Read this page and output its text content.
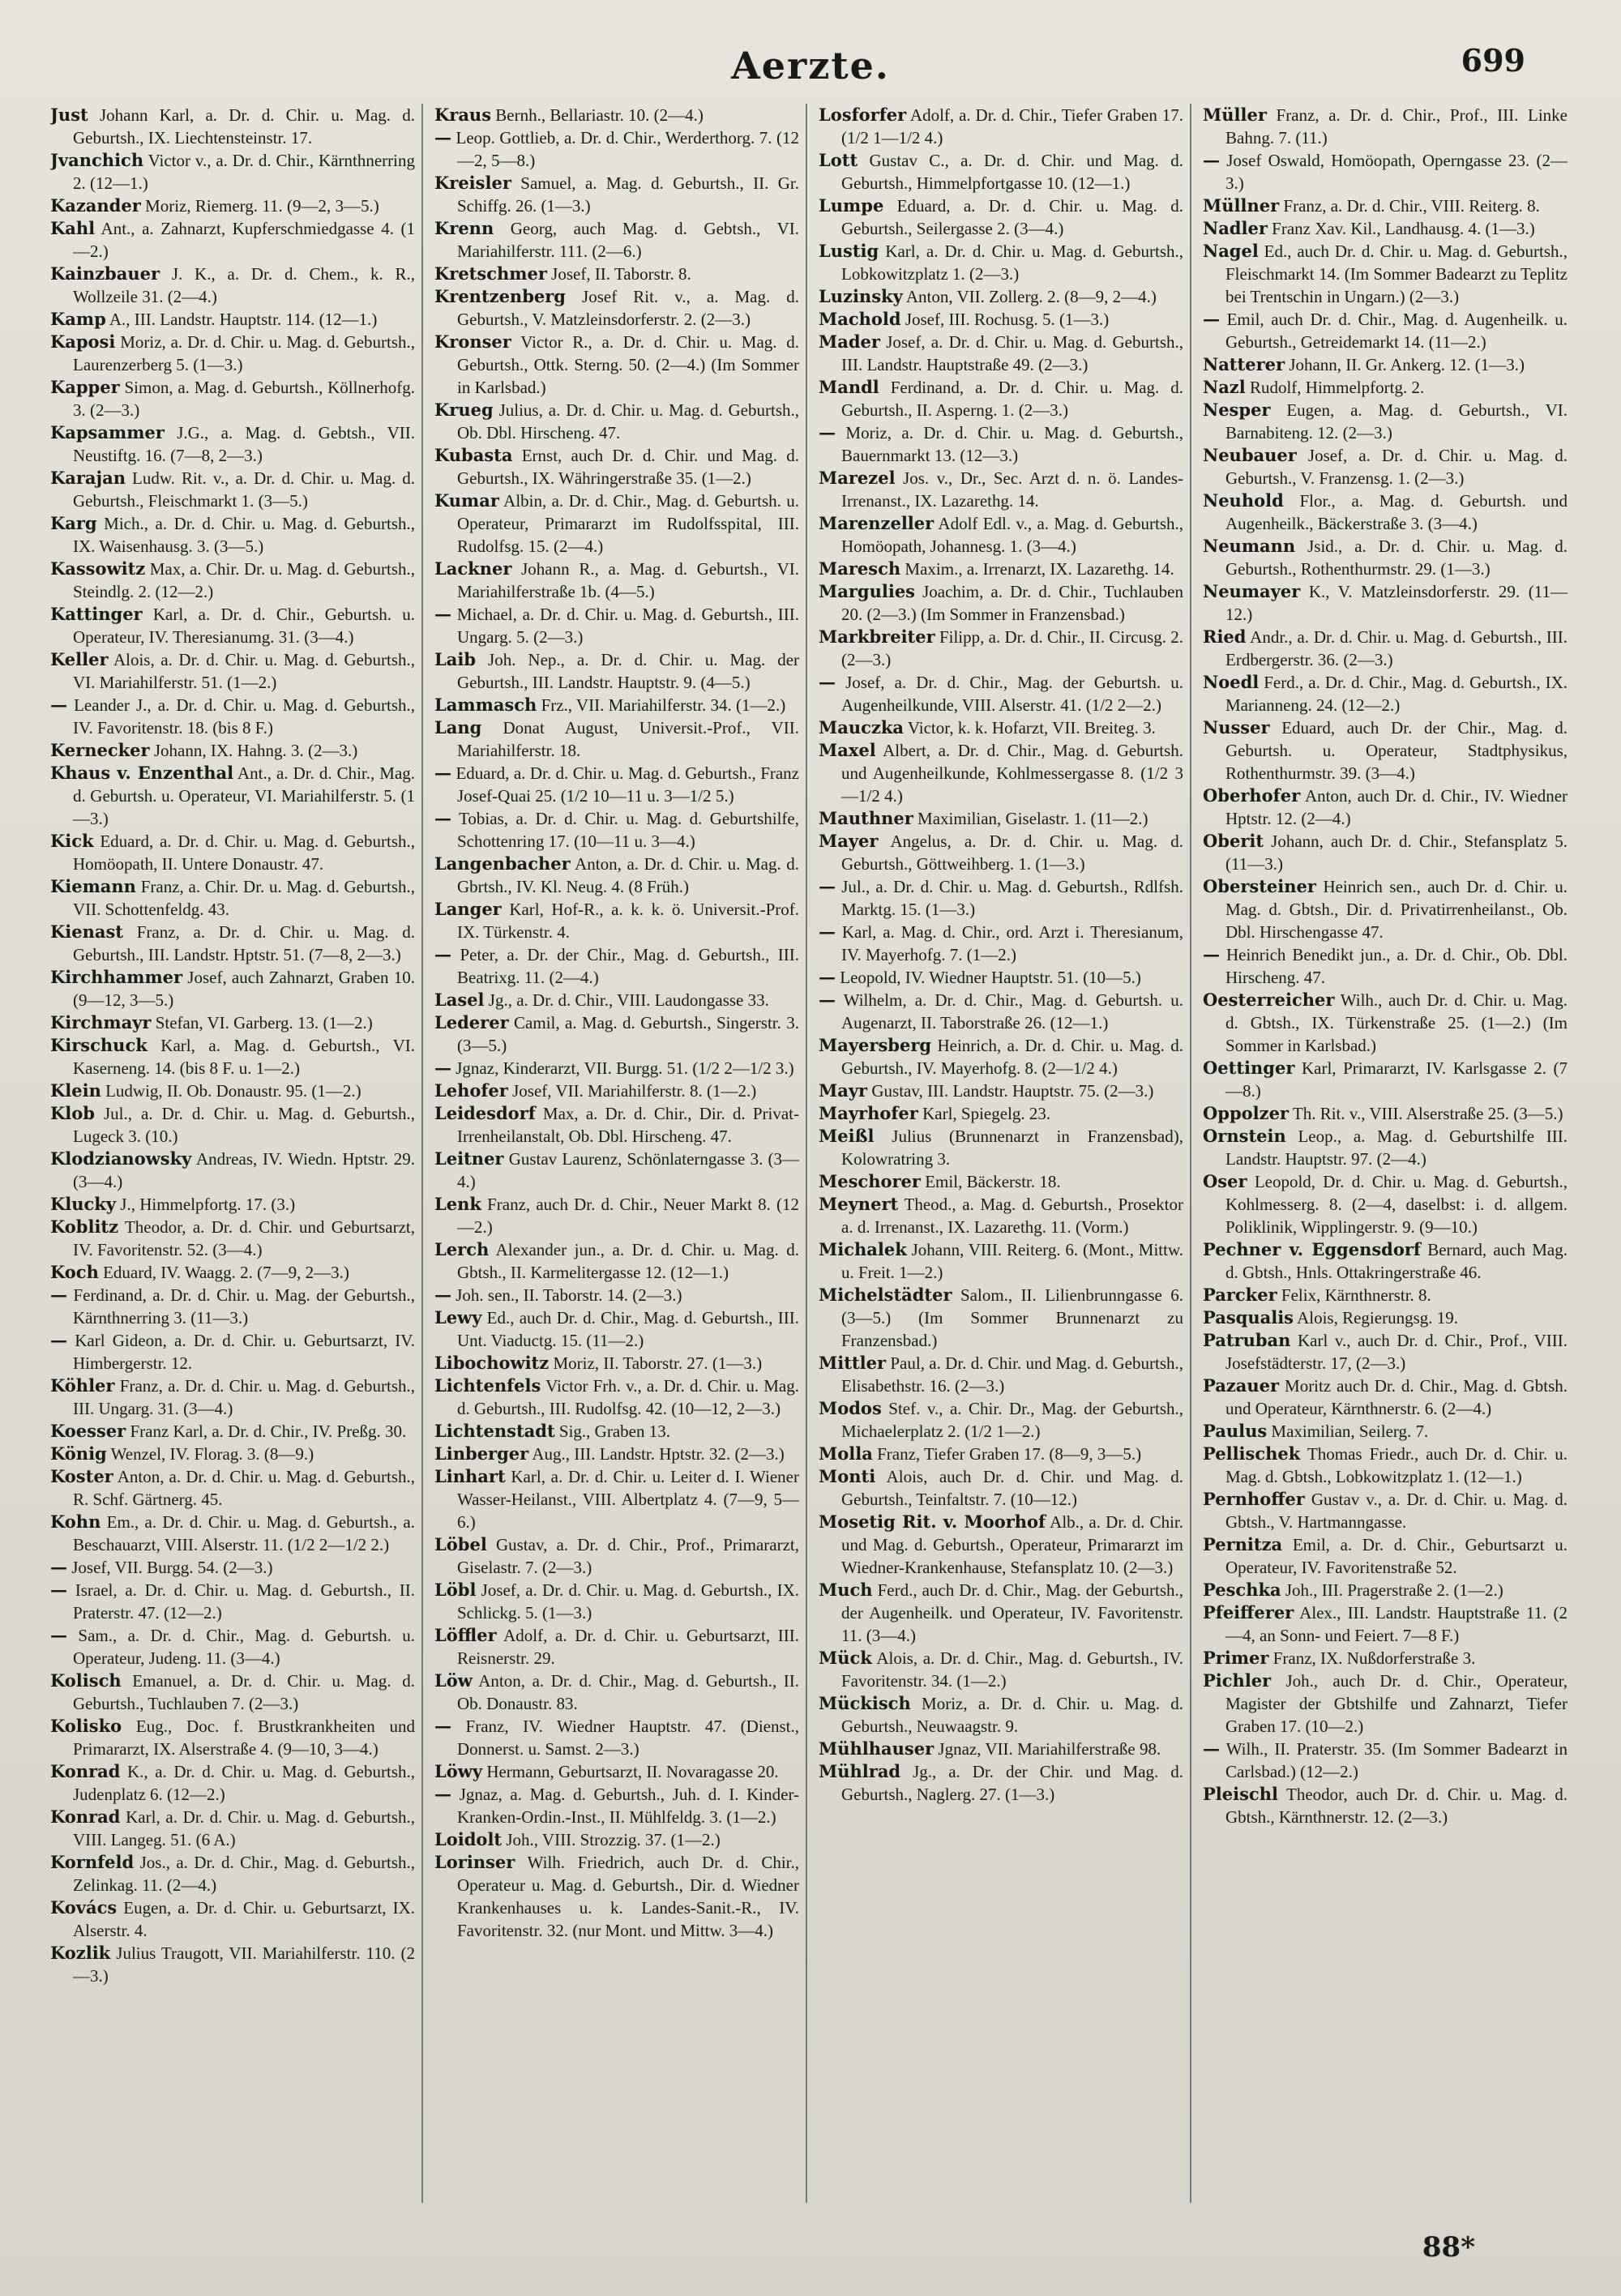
Aerzte.	699

Just Johann Karl, a. Dr. d. Chir. u. Mag. d. Geburtsh., IX. Liechtensteinstr. 17.

Jvanchich Victor v., a. Dr. d. Chir., Kärnthnerring 2. (12—1.)

Kazander Moriz, Riemerg. 11. (9—2, 3—5.)

Kahl Ant., a. Zahnarzt, Kupferschmiedgasse 4. (1—2.)

Kainzbauer J. K., a. Dr. d. Chem., k. R., Wollzeile 31. (2—4.)

Kamp A., III. Landstr. Hauptstr. 114. (12—1.)

Kaposi Moriz, a. Dr. d. Chir. u. Mag. d. Geburtsh., Laurenzerberg 5. (1—3.)

Kapper Simon, a. Mag. d. Geburtsh., Köllnerhofg. 3. (2—3.)

Kapsammer J.G., a. Mag. d. Gebtsh., VII. Neustiftg. 16. (7—8, 2—3.)

Karajan Ludw. Rit. v., a. Dr. d. Chir. u. Mag. d. Geburtsh., Fleischmarkt 1. (3—5.)

Karg Mich., a. Dr. d. Chir. u. Mag. d. Geburtsh., IX. Waisenhausg. 3. (3—5.)

Kassowitz Max, a. Chir. Dr. u. Mag. d. Geburtsh., Steindlg. 2. (12—2.)

Kattinger Karl, a. Dr. d. Chir., Geburtsh. u. Operateur, IV. Theresianumg. 31. (3—4.)

Keller Alois, a. Dr. d. Chir. u. Mag. d. Geburtsh., VI. Mariahilferstr. 51. (1—2.)

— Leander J., a. Dr. d. Chir. u. Mag. d. Geburtsh., IV. Favoritenstr. 18. (bis 8 F.)

Kernecker Johann, IX. Hahng. 3. (2—3.)

Khaus v. Enzenthal Ant., a. Dr. d. Chir., Mag. d. Geburtsh. u. Operateur, VI. Mariahilferstr. 5. (1—3.)

Kick Eduard, a. Dr. d. Chir. u. Mag. d. Geburtsh., Homöopath, II. Untere Donaustr. 47.

Kiemann Franz, a. Chir. Dr. u. Mag. d. Geburtsh., VII. Schottenfeldg. 43.

Kienast Franz, a. Dr. d. Chir. u. Mag. d. Geburtsh., III. Landstr. Hptstr. 51. (7—8, 2—3.)

Kirchhammer Josef, auch Zahnarzt, Graben 10. (9—12, 3—5.)

Kirchmayr Stefan, VI. Garberg. 13. (1—2.)

Kirschuck Karl, a. Mag. d. Geburtsh., VI. Kaserneng. 14. (bis 8 F. u. 1—2.)

Klein Ludwig, II. Ob. Donaustr. 95. (1—2.)

Klob Jul., a. Dr. d. Chir. u. Mag. d. Geburtsh., Lugeck 3. (10.)

Klodzianowsky Andreas, IV. Wiedn. Hptstr. 29. (3—4.)

Klucky J., Himmelpfortg. 17. (3.)

Koblitz Theodor, a. Dr. d. Chir. und Geburtsarzt, IV. Favoritenstr. 52. (3—4.)

Koch Eduard, IV. Waagg. 2. (7—9, 2—3.)

— Ferdinand, a. Dr. d. Chir. u. Mag. der Geburtsh., Kärnthnerring 3. (11—3.)

— Karl Gideon, a. Dr. d. Chir. u. Geburtsarzt, IV. Himbergerstr. 12.

Köhler Franz, a. Dr. d. Chir. u. Mag. d. Geburtsh., III. Ungarg. 31. (3—4.)

Koesser Franz Karl, a. Dr. d. Chir., IV. Preßg. 30.

König Wenzel, IV. Florag. 3. (8—9.)

Koster Anton, a. Dr. d. Chir. u. Mag. d. Geburtsh., R. Schf. Gärtnerg. 45.

Kohn Em., a. Dr. d. Chir. u. Mag. d. Geburtsh., a. Beschauarzt, VIII. Alserstr. 11. (1/2 2—1/2 2.)

— Josef, VII. Burgg. 54. (2—3.)

— Israel, a. Dr. d. Chir. u. Mag. d. Geburtsh., II. Praterstr. 47. (12—2.)

— Sam., a. Dr. d. Chir., Mag. d. Geburtsh. u. Operateur, Judeng. 11. (3—4.)

Kolisch Emanuel, a. Dr. d. Chir. u. Mag. d. Geburtsh., Tuchlauben 7. (2—3.)

Kolisko Eug., Doc. f. Brustkrankheiten und Primararzt, IX. Alserstraße 4. (9—10, 3—4.)

Konrad K., a. Dr. d. Chir. u. Mag. d. Geburtsh., Judenplatz 6. (12—2.)

Konrad Karl, a. Dr. d. Chir. u. Mag. d. Geburtsh., VIII. Langeg. 51. (6 A.)

Kornfeld Jos., a. Dr. d. Chir., Mag. d. Geburtsh., Zelinkag. 11. (2—4.)

Kovács Eugen, a. Dr. d. Chir. u. Geburtsarzt, IX. Alserstr. 4.

Kozlik Julius Traugott, VII. Mariahilferstr. 110. (2—3.)

Kraus Bernh., Bellariastr. 10. (2—4.)

— Leop. Gottlieb, a. Dr. d. Chir., Werderthorg. 7. (12—2, 5—8.)

Kreisler Samuel, a. Mag. d. Geburtsh., II. Gr. Schiffg. 26. (1—3.)

Krenn Georg, auch Mag. d. Gebtsh., VI. Mariahilferstr. 111. (2—6.)

Kretschmer Josef, II. Taborstr. 8.

Krentzenberg Josef Rit. v., a. Mag. d. Geburtsh., V. Matzleinsdorferstr. 2. (2—3.)

Kronser Victor R., a. Dr. d. Chir. u. Mag. d. Geburtsh., Ottk. Sterng. 50. (2—4.) (Im Sommer in Karlsbad.)

Krueg Julius, a. Dr. d. Chir. u. Mag. d. Geburtsh., Ob. Dbl. Hirscheng. 47.

Kubasta Ernst, auch Dr. d. Chir. und Mag. d. Geburtsh., IX. Währingerstraße 35. (1—2.)

Kumar Albin, a. Dr. d. Chir., Mag. d. Geburtsh. u. Operateur, Primararzt im Rudolfsspital, III. Rudolfsg. 15. (2—4.)

Lackner Johann R., a. Mag. d. Geburtsh., VI. Mariahilferstraße 1b. (4—5.)

— Michael, a. Dr. d. Chir. u. Mag. d. Geburtsh., III. Ungarg. 5. (2—3.)

Laib Joh. Nep., a. Dr. d. Chir. u. Mag. der Geburtsh., III. Landstr. Hauptstr. 9. (4—5.)

Lammasch Frz., VII. Mariahilferstr. 34. (1—2.)

Lang Donat August, Universit.-Prof., VII. Mariahilferstr. 18.

— Eduard, a. Dr. d. Chir. u. Mag. d. Geburtsh., Franz Josef-Quai 25. (1/2 10—11 u. 3—1/2 5.)

— Tobias, a. Dr. d. Chir. u. Mag. d. Geburtshilfe, Schottenring 17. (10—11 u. 3—4.)

Langenbacher Anton, a. Dr. d. Chir. u. Mag. d. Gbrtsh., IV. Kl. Neug. 4. (8 Früh.)

Langer Karl, Hof-R., a. k. k. ö. Universit.-Prof. IX. Türkenstr. 4.

— Peter, a. Dr. der Chir., Mag. d. Geburtsh., III. Beatrixg. 11. (2—4.)

Lasel Jg., a. Dr. d. Chir., VIII. Laudongasse 33.

Lederer Camil, a. Mag. d. Geburtsh., Singerstr. 3. (3—5.)

— Jgnaz, Kinderarzt, VII. Burgg. 51. (1/2 2—1/2 3.)

Lehofer Josef, VII. Mariahilferstr. 8. (1—2.)

Leidesdorf Max, a. Dr. d. Chir., Dir. d. Privat-Irrenheilanstalt, Ob. Dbl. Hirscheng. 47.

Leitner Gustav Laurenz, Schönlaterngasse 3. (3—4.)

Lenk Franz, auch Dr. d. Chir., Neuer Markt 8. (12—2.)

Lerch Alexander jun., a. Dr. d. Chir. u. Mag. d. Gbtsh., II. Karmelitergasse 12. (12—1.)

— Joh. sen., II. Taborstr. 14. (2—3.)

Lewy Ed., auch Dr. d. Chir., Mag. d. Geburtsh., III. Unt. Viaductg. 15. (11—2.)

Libochowitz Moriz, II. Taborstr. 27. (1—3.)

Lichtenfels Victor Frh. v., a. Dr. d. Chir. u. Mag. d. Geburtsh., III. Rudolfsg. 42. (10—12, 2—3.)

Lichtenstadt Sig., Graben 13.

Linberger Aug., III. Landstr. Hptstr. 32. (2—3.)

Linhart Karl, a. Dr. d. Chir. u. Leiter d. I. Wiener Wasser-Heilanst., VIII. Albertplatz 4. (7—9, 5—6.)

Löbel Gustav, a. Dr. d. Chir., Prof., Primararzt, Giselastr. 7. (2—3.)

Löbl Josef, a. Dr. d. Chir. u. Mag. d. Geburtsh., IX. Schlickg. 5. (1—3.)

Löffler Adolf, a. Dr. d. Chir. u. Geburtsarzt, III. Reisnerstr. 29.

Löw Anton, a. Dr. d. Chir., Mag. d. Geburtsh., II. Ob. Donaustr. 83.

— Franz, IV. Wiedner Hauptstr. 47. (Dienst., Donnerst. u. Samst. 2—3.)

Löwy Hermann, Geburtsarzt, II. Novaragasse 20.

— Jgnaz, a. Mag. d. Geburtsh., Juh. d. I. Kinder-Kranken-Ordin.-Inst., II. Mühlfeldg. 3. (1—2.)

Loidolt Joh., VIII. Strozzig. 37. (1—2.)

Lorinser Wilh. Friedrich, auch Dr. d. Chir., Operateur u. Mag. d. Geburtsh., Dir. d. Wiedner Krankenhauses u. k. Landes-Sanit.-R., IV. Favoritenstr. 32. (nur Mont. und Mittw. 3—4.)

Losforfer Adolf, a. Dr. d. Chir., Tiefer Graben 17. (1/2 1—1/2 4.)

Lott Gustav C., a. Dr. d. Chir. und Mag. d. Geburtsh., Himmelpfortgasse 10. (12—1.)

Lumpe Eduard, a. Dr. d. Chir. u. Mag. d. Geburtsh., Seilergasse 2. (3—4.)

Lustig Karl, a. Dr. d. Chir. u. Mag. d. Geburtsh., Lobkowitzplatz 1. (2—3.)

Luzinsky Anton, VII. Zollerg. 2. (8—9, 2—4.)

Machold Josef, III. Rochusg. 5. (1—3.)

Mader Josef, a. Dr. d. Chir. u. Mag. d. Geburtsh., III. Landstr. Hauptstraße 49. (2—3.)

Mandl Ferdinand, a. Dr. d. Chir. u. Mag. d. Geburtsh., II. Asperng. 1. (2—3.)

— Moriz, a. Dr. d. Chir. u. Mag. d. Geburtsh., Bauernmarkt 13. (12—3.)

Marezel Jos. v., Dr., Sec. Arzt d. n. ö. Landes-Irrenanst., IX. Lazarethg. 14.

Marenzeller Adolf Edl. v., a. Mag. d. Geburtsh., Homöopath, Johannesg. 1. (3—4.)

Maresch Maxim., a. Irrenarzt, IX. Lazarethg. 14.

Margulies Joachim, a. Dr. d. Chir., Tuchlauben 20. (2—3.) (Im Sommer in Franzensbad.)

Markbreiter Filipp, a. Dr. d. Chir., II. Circusg. 2. (2—3.)

— Josef, a. Dr. d. Chir., Mag. der Geburtsh. u. Augenheilkunde, VIII. Alserstr. 41. (1/2 2—2.)

Mauczka Victor, k. k. Hofarzt, VII. Breiteg. 3.

Maxel Albert, a. Dr. d. Chir., Mag. d. Geburtsh. und Augenheilkunde, Kohlmessergasse 8. (1/2 3—1/2 4.)

Mauthner Maximilian, Giselastr. 1. (11—2.)

Mayer Angelus, a. Dr. d. Chir. u. Mag. d. Geburtsh., Göttweihberg. 1. (1—3.)

— Jul., a. Dr. d. Chir. u. Mag. d. Geburtsh., Rdlfsh. Marktg. 15. (1—3.)

— Karl, a. Mag. d. Chir., ord. Arzt i. Theresianum, IV. Mayerhofg. 7. (1—2.)

— Leopold, IV. Wiedner Hauptstr. 51. (10—5.)

— Wilhelm, a. Dr. d. Chir., Mag. d. Geburtsh. u. Augenarzt, II. Taborstraße 26. (12—1.)

Mayersberg Heinrich, a. Dr. d. Chir. u. Mag. d. Geburtsh., IV. Mayerhofg. 8. (2—1/2 4.)

Mayr Gustav, III. Landstr. Hauptstr. 75. (2—3.)

Mayrhofer Karl, Spiegelg. 23.

Meißl Julius (Brunnenarzt in Franzensbad), Kolowratring 3.

Meschorer Emil, Bäckerstr. 18.

Meynert Theod., a. Mag. d. Geburtsh., Prosektor a. d. Irrenanst., IX. Lazarethg. 11. (Vorm.)

Michalek Johann, VIII. Reiterg. 6. (Mont., Mittw. u. Freit. 1—2.)

Michelstädter Salom., II. Lilienbrunngasse 6. (3—5.) (Im Sommer Brunnenarzt zu Franzensbad.)

Mittler Paul, a. Dr. d. Chir. und Mag. d. Geburtsh., Elisabethstr. 16. (2—3.)

Modos Stef. v., a. Chir. Dr., Mag. der Geburtsh., Michaelerplatz 2. (1/2 1—2.)

Molla Franz, Tiefer Graben 17. (8—9, 3—5.)

Monti Alois, auch Dr. d. Chir. und Mag. d. Geburtsh., Teinfaltstr. 7. (10—12.)

Mosetig Rit. v. Moorhof Alb., a. Dr. d. Chir. und Mag. d. Geburtsh., Operateur, Primararzt im Wiedner-Krankenhause, Stefansplatz 10. (2—3.)

Much Ferd., auch Dr. d. Chir., Mag. der Geburtsh., der Augenheilk. und Operateur, IV. Favoritenstr. 11. (3—4.)

Mück Alois, a. Dr. d. Chir., Mag. d. Geburtsh., IV. Favoritenstr. 34. (1—2.)

Mückisch Moriz, a. Dr. d. Chir. u. Mag. d. Geburtsh., Neuwaagstr. 9.

Mühlhauser Jgnaz, VII. Mariahilferstraße 98.

Mühlrad Jg., a. Dr. der Chir. und Mag. d. Geburtsh., Naglerg. 27. (1—3.)

Müller Franz, a. Dr. d. Chir., Prof., III. Linke Bahng. 7. (11.)

— Josef Oswald, Homöopath, Operngasse 23. (2—3.)

Müllner Franz, a. Dr. d. Chir., VIII. Reiterg. 8.

Nadler Franz Xav. Kil., Landhausg. 4. (1—3.)

Nagel Ed., auch Dr. d. Chir. u. Mag. d. Geburtsh., Fleischmarkt 14. (Im Sommer Badearzt zu Teplitz bei Trentschin in Ungarn.) (2—3.)

— Emil, auch Dr. d. Chir., Mag. d. Augenheilk. u. Geburtsh., Getreidemarkt 14. (11—2.)

Natterer Johann, II. Gr. Ankerg. 12. (1—3.)

Nazl Rudolf, Himmelpfortg. 2.

Nesper Eugen, a. Mag. d. Geburtsh., VI. Barnabiteng. 12. (2—3.)

Neubauer Josef, a. Dr. d. Chir. u. Mag. d. Geburtsh., V. Franzensg. 1. (2—3.)

Neuhold Flor., a. Mag. d. Geburtsh. und Augenheilk., Bäckerstraße 3. (3—4.)

Neumann Jsid., a. Dr. d. Chir. u. Mag. d. Geburtsh., Rothenthurmstr. 29. (1—3.)

Neumayer K., V. Matzleinsdorferstr. 29. (11—12.)

Ried Andr., a. Dr. d. Chir. u. Mag. d. Geburtsh., III. Erdbergerstr. 36. (2—3.)

Noedl Ferd., a. Dr. d. Chir., Mag. d. Geburtsh., IX. Marianneng. 24. (12—2.)

Nusser Eduard, auch Dr. der Chir., Mag. d. Geburtsh. u. Operateur, Stadtphysikus, Rothenthurmstr. 39. (3—4.)

Oberhofer Anton, auch Dr. d. Chir., IV. Wiedner Hptstr. 12. (2—4.)

Oberit Johann, auch Dr. d. Chir., Stefansplatz 5. (11—3.)

Obersteiner Heinrich sen., auch Dr. d. Chir. u. Mag. d. Gbtsh., Dir. d. Privatirrenheilanst., Ob. Dbl. Hirschengasse 47.

— Heinrich Benedikt jun., a. Dr. d. Chir., Ob. Dbl. Hirscheng. 47.

Oesterreicher Wilh., auch Dr. d. Chir. u. Mag. d. Gbtsh., IX. Türkenstraße 25. (1—2.) (Im Sommer in Karlsbad.)

Oettinger Karl, Primararzt, IV. Karlsgasse 2. (7—8.)

Oppolzer Th. Rit. v., VIII. Alserstraße 25. (3—5.)

Ornstein Leop., a. Mag. d. Geburtshilfe III. Landstr. Hauptstr. 97. (2—4.)

Oser Leopold, Dr. d. Chir. u. Mag. d. Geburtsh., Kohlmesserg. 8. (2—4, daselbst: i. d. allgem. Poliklinik, Wipplingerstr. 9. (9—10.)

Pechner v. Eggensdorf Bernard, auch Mag. d. Gbtsh., Hnls. Ottakringerstraße 46.

Parcker Felix, Kärnthnerstr. 8.

Pasqualis Alois, Regierungsg. 19.

Patruban Karl v., auch Dr. d. Chir., Prof., VIII. Josefstädterstr. 17, (2—3.)

Pazauer Moritz auch Dr. d. Chir., Mag. d. Gbtsh. und Operateur, Kärnthnerstr. 6. (2—4.)

Paulus Maximilian, Seilerg. 7.

Pellischek Thomas Friedr., auch Dr. d. Chir. u. Mag. d. Gbtsh., Lobkowitzplatz 1. (12—1.)

Pernhoffer Gustav v., a. Dr. d. Chir. u. Mag. d. Gbtsh., V. Hartmanngasse.

Pernitza Emil, a. Dr. d. Chir., Geburtsarzt u. Operateur, IV. Favoritenstraße 52.

Peschka Joh., III. Pragerstraße 2. (1—2.)

Pfeifferer Alex., III. Landstr. Hauptstraße 11. (2—4, an Sonn- und Feiert. 7—8 F.)

Primer Franz, IX. Nußdorferstraße 3.

Pichler Joh., auch Dr. d. Chir., Operateur, Magister der Gbtshilfe und Zahnarzt, Tiefer Graben 17. (10—2.)

— Wilh., II. Praterstr. 35. (Im Sommer Badearzt in Carlsbad.) (12—2.)

Pleischl Theodor, auch Dr. d. Chir. u. Mag. d. Gbtsh., Kärnthnerstr. 12. (2—3.)

88*
